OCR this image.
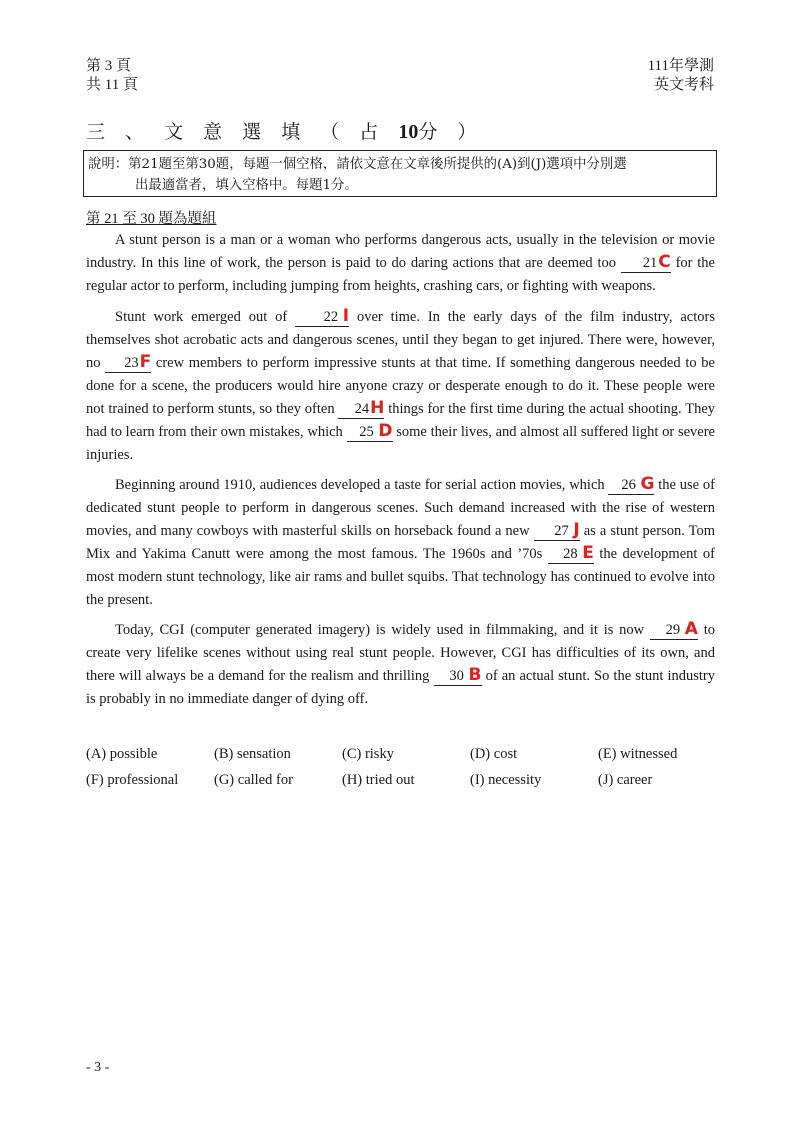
第 3 頁
共 11 頁
111年學測
英文考科
三 、 文 意 選 填 （ 占 10分 ）
說明：第21題至第30題，每題一個空格，請依文意在文章後所提供的(A)到(J)選項中分別選
出最適當者，填入空格中。每題1分。
第 21 至 30 題為題組
A stunt person is a man or a woman who performs dangerous acts, usually in the television or movie industry. In this line of work, the person is paid to do daring actions that are deemed too 21C for the regular actor to perform, including jumping from heights, crashing cars, or fighting with weapons.
Stunt work emerged out of 22 I over time. In the early days of the film industry, actors themselves shot acrobatic acts and dangerous scenes, until they began to get injured. There were, however, no 23F crew members to perform impressive stunts at that time. If something dangerous needed to be done for a scene, the producers would hire anyone crazy or desperate enough to do it. These people were not trained to perform stunts, so they often 24H things for the first time during the actual shooting. They had to learn from their own mistakes, which 25 D some their lives, and almost all suffered light or severe injuries.
Beginning around 1910, audiences developed a taste for serial action movies, which 26 G the use of dedicated stunt people to perform in dangerous scenes. Such demand increased with the rise of western movies, and many cowboys with masterful skills on horseback found a new 27 J as a stunt person. Tom Mix and Yakima Canutt were among the most famous. The 1960s and ’70s 28 E the development of most modern stunt technology, like air rams and bullet squibs. That technology has continued to evolve into the present.
Today, CGI (computer generated imagery) is widely used in filmmaking, and it is now 29 A to create very lifelike scenes without using real stunt people. However, CGI has difficulties of its own, and there will always be a demand for the realism and thrilling 30 B of an actual stunt. So the stunt industry is probably in no immediate danger of dying off.
(A) possible	(B) sensation	(C) risky	(D) cost	(E) witnessed
(F) professional	(G) called for	(H) tried out	(I) necessity	(J) career
- 3 -
